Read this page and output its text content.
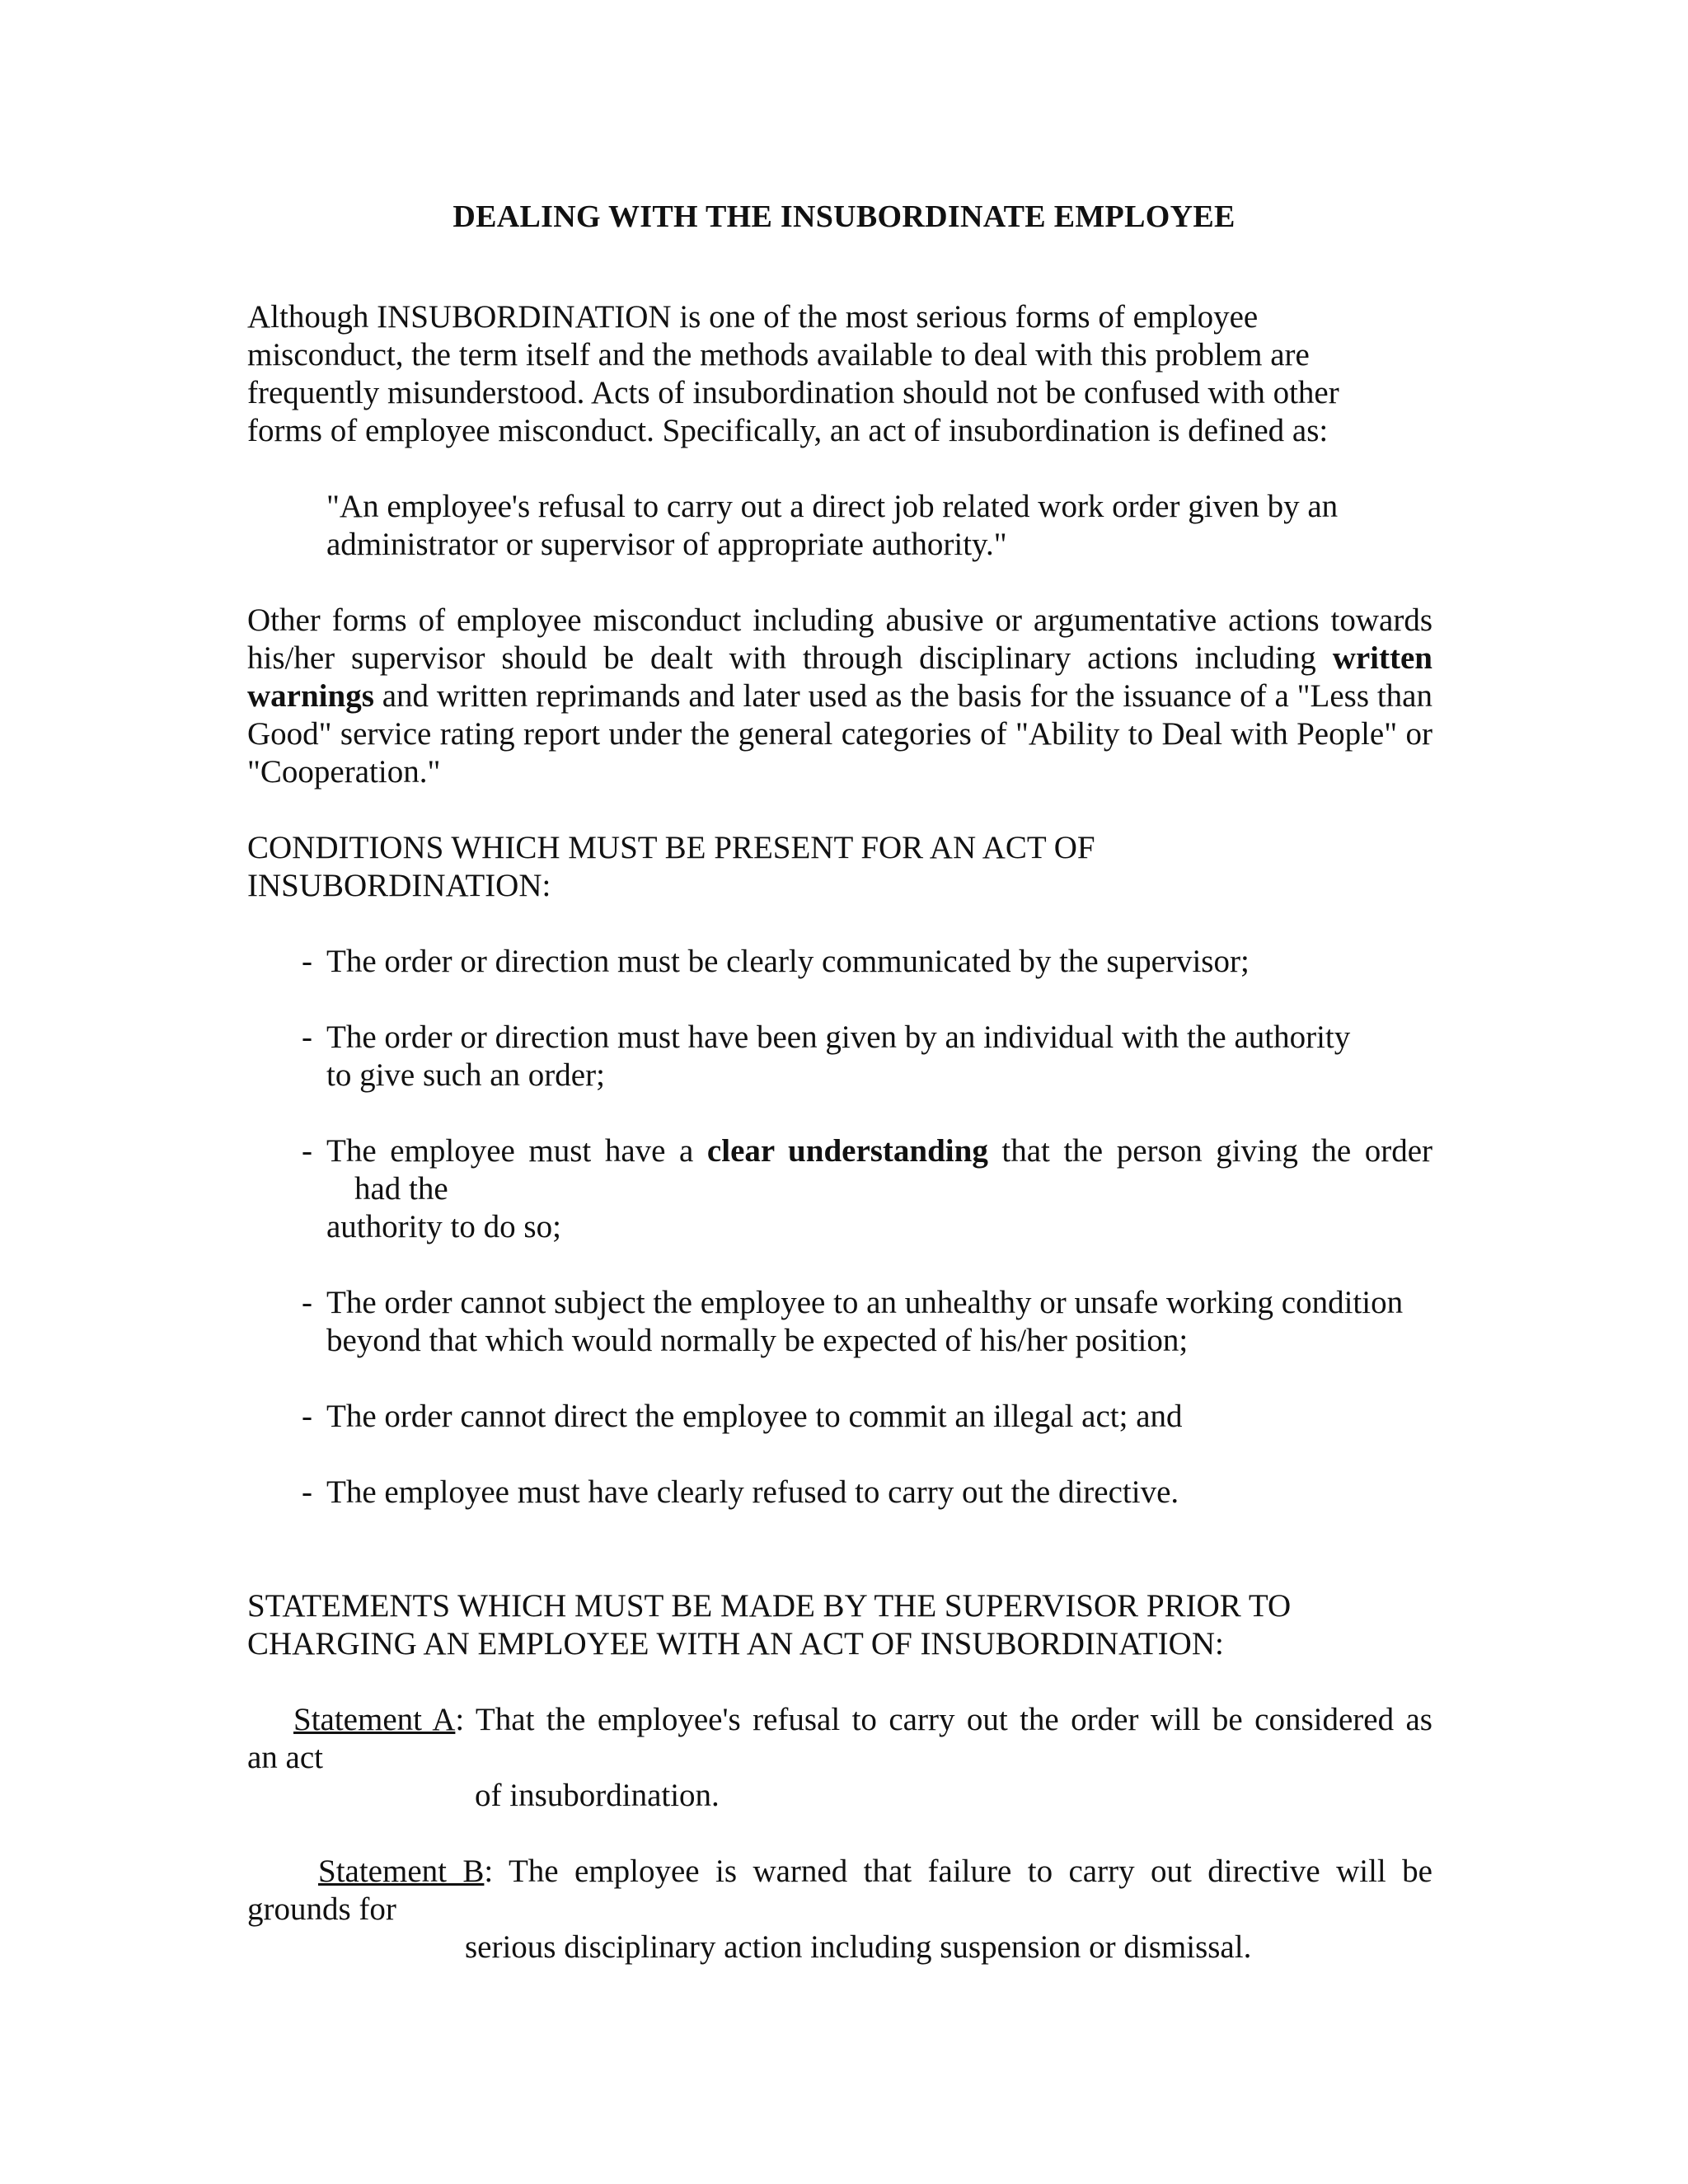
DEALING WITH THE INSUBORDINATE EMPLOYEE
Although INSUBORDINATION is one of the most serious forms of employee
misconduct, the term itself and the methods available to deal with this problem are
frequently misunderstood. Acts of insubordination should not be confused with other
forms of employee misconduct. Specifically, an act of insubordination is defined as:
"An employee's refusal to carry out a direct job related work order given by an
administrator or supervisor of appropriate authority."
Other forms of employee misconduct including abusive or argumentative actions towards his/her supervisor should be dealt with through disciplinary actions including written warnings and written reprimands and later used as the basis for the issuance of a "Less than Good" service rating report under the general categories of "Ability to Deal with People" or "Cooperation."
CONDITIONS WHICH MUST BE PRESENT FOR AN ACT OF
INSUBORDINATION:
- The order or direction must be clearly communicated by the supervisor;
- The order or direction must have been given by an individual with the authority
to give such an order;
- The employee must have a clear understanding that the person giving the order
had the
authority to do so;
- The order cannot subject the employee to an unhealthy or unsafe working condition
beyond that which would normally be expected of his/her position;
- The order cannot direct the employee to commit an illegal act; and
- The employee must have clearly refused to carry out the directive.
STATEMENTS WHICH MUST BE MADE BY THE SUPERVISOR PRIOR TO
CHARGING AN EMPLOYEE WITH AN ACT OF INSUBORDINATION:
Statement A: That the employee's refusal to carry out the order will be considered as
an act
of insubordination.
Statement B: The employee is warned that failure to carry out directive will be
grounds for
serious disciplinary action including suspension or dismissal.
